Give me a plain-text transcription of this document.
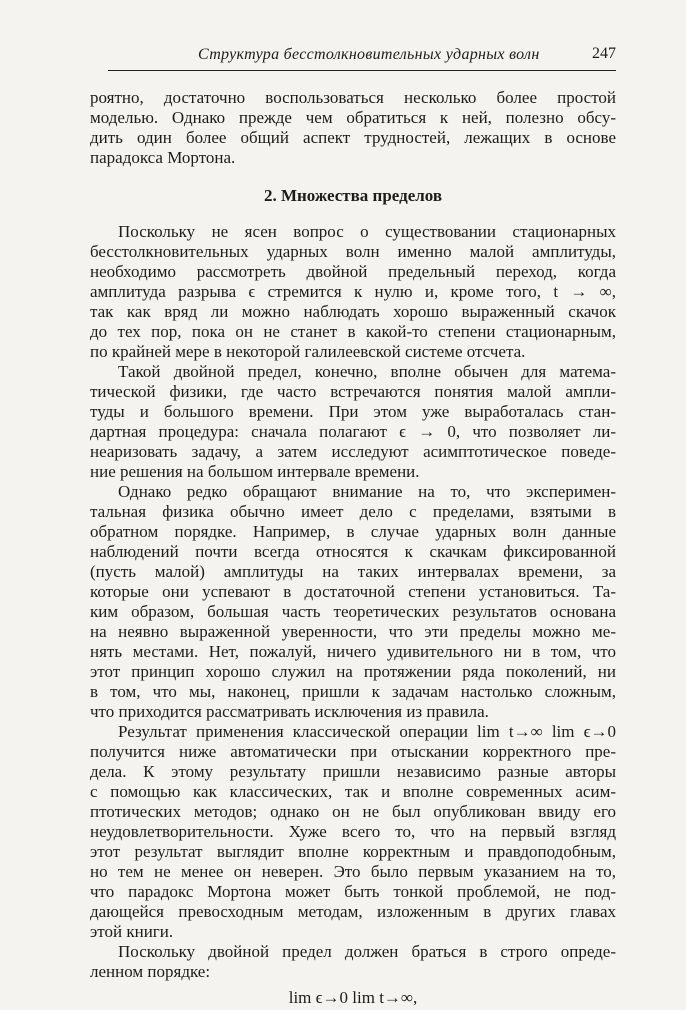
Структура бесстолкновительных ударных волн	247
роятно, достаточно воспользоваться несколько более простой
моделью. Однако прежде чем обратиться к ней, полезно обсу-
дить один более общий аспект трудностей, лежащих в основе
парадокса Мортона.
2. Множества пределов
Поскольку не ясен вопрос о существовании стационарных
бесстолкновительных ударных волн именно малой амплитуды,
необходимо рассмотреть двойной предельный переход, когда
амплитуда разрыва ϵ стремится к нулю и, кроме того, t → ∞,
так как вряд ли можно наблюдать хорошо выраженный скачок
до тех пор, пока он не станет в какой-то степени стационарным,
по крайней мере в некоторой галилеевской системе отсчета.
Такой двойной предел, конечно, вполне обычен для матема-
тической физики, где часто встречаются понятия малой ампли-
туды и большого времени. При этом уже выработалась стан-
дартная процедура: сначала полагают ϵ → 0, что позволяет ли-
неаризовать задачу, а затем исследуют асимптотическое поведе-
ние решения на большом интервале времени.
Однако редко обращают внимание на то, что эксперимен-
тальная физика обычно имеет дело с пределами, взятыми в
обратном порядке. Например, в случае ударных волн данные
наблюдений почти всегда относятся к скачкам фиксированной
(пусть малой) амплитуды на таких интервалах времени, за
которые они успевают в достаточной степени установиться. Та-
ким образом, большая часть теоретических результатов основана
на неявно выраженной уверенности, что эти пределы можно ме-
нять местами. Нет, пожалуй, ничего удивительного ни в том, что
этот принцип хорошо служил на протяжении ряда поколений, ни
в том, что мы, наконец, пришли к задачам настолько сложным,
что приходится рассматривать исключения из правила.
Результат применения классической операции lim t→∞ lim ϵ→0
получится ниже автоматически при отыскании корректного пре-
дела. К этому результату пришли независимо разные авторы
с помощью как классических, так и вполне современных асим-
птотических методов; однако он не был опубликован ввиду его
неудовлетворительности. Хуже всего то, что на первый взгляд
этот результат выглядит вполне корректным и правдоподобным,
но тем не менее он неверен. Это было первым указанием на то,
что парадокс Мортона может быть тонкой проблемой, не под-
дающейся превосходным методам, изложенным в других главах
этой книги.
Поскольку двойной предел должен браться в строго опреде-
ленном порядке:
lim ϵ→0 lim t→∞,
